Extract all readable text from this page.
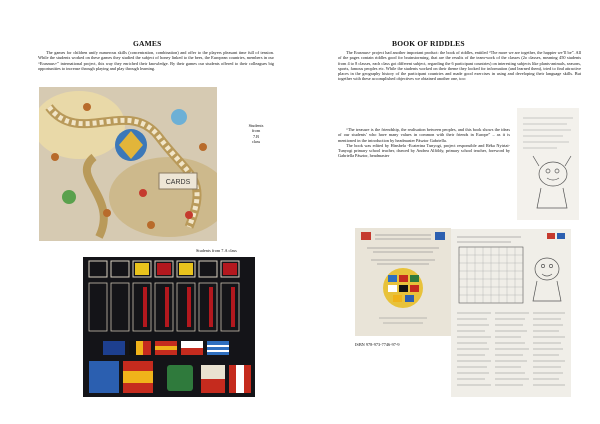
GAMES

The games for children unify numerous skills (concentration, combination) and offer to the players pleasant time full of tension. While the students worked on these games they studied the subject of honey linked to the bees, the European countries, members in our “Erasmus+” international project, this way they enriched their knowledge. By their games our students offered to their colleagues big opportunities to increase through playing and play through learning.

CARDS
Students
from
7.B
class
Students from 7.A class
BOOK OF RIDDLES

The Erasmus+ project had another important product: the book of riddles, entitled “The more we are together, the happier we’ll be”. All of the pages contain riddles good for brainstorming, that are the results of the team-work of the classes (2o classes, meaning 450 students from 4 to 8 classes, each class got different subject, regarding the 6 participant countries) on interesting subjects like plants-animals, seasons, sports, famous peoples etc. While the students worked on their theme they looked for information (and learned them), tried to find attractive places in the geography history of the participant countries and made good exercises in using and developing their language skills. But together with these accomplished objectives we obtained another one, too:

“The treasure is the friendship, the realisation between peoples, and this book shows the ideas of our students’ who have many values in common with their friends in Europe” – as it is mentioned in the introduction by headmaster Pásztor Gabriella.

The book was edited by Hinsbela -Ecaterina Tunyogi, project responsible and Réka Nyirtai-Tunyogi primary school teacher, drawed by Andrea Alföldy, primary school teacher, foreword by Gabriella Pásztor, headmaster

ISBN 978-973-7746-97-9
